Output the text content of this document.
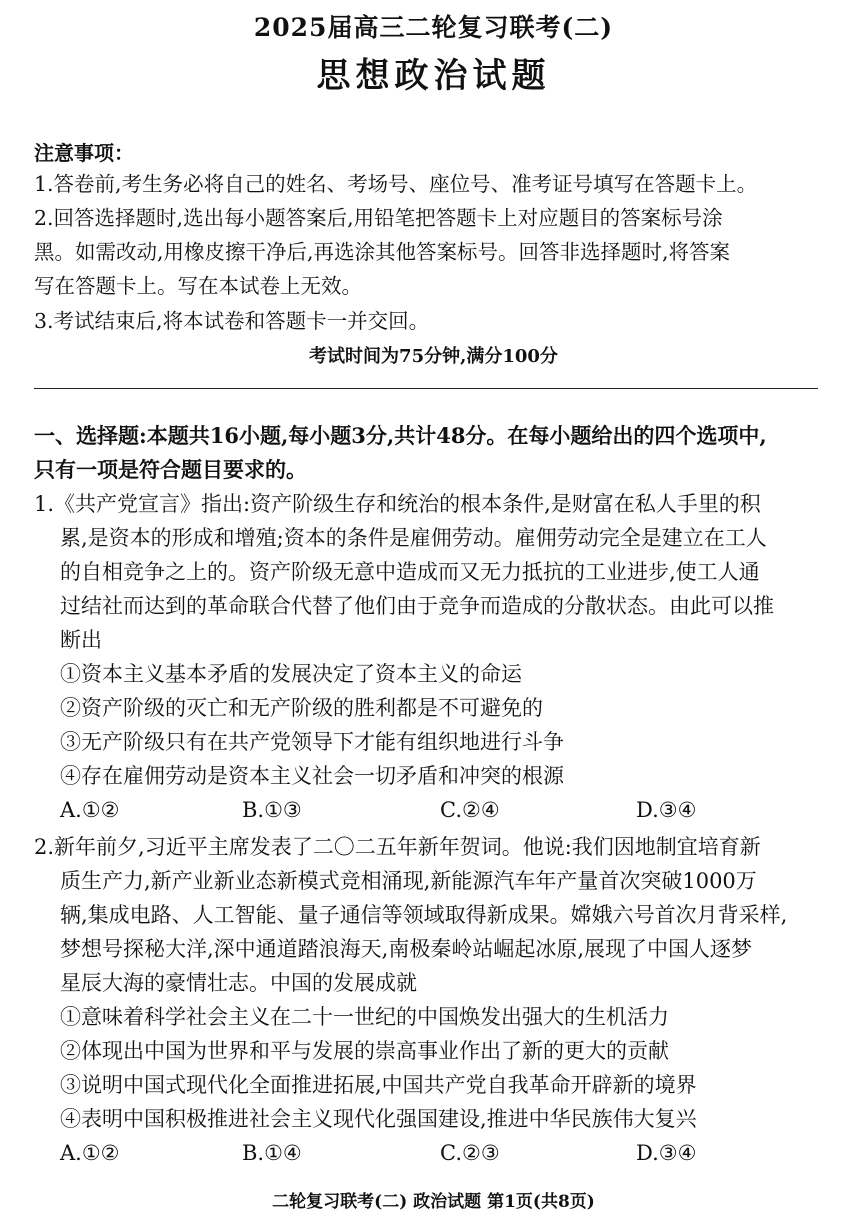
2025届高三二轮复习联考(二)
思想政治试题
注意事项：
1.答卷前,考生务必将自己的姓名、考场号、座位号、准考证号填写在答题卡上。
2.回答选择题时,选出每小题答案后,用铅笔把答题卡上对应题目的答案标号涂
黑。如需改动,用橡皮擦干净后,再选涂其他答案标号。回答非选择题时,将答案
写在答题卡上。写在本试卷上无效。
3.考试结束后,将本试卷和答题卡一并交回。
考试时间为75分钟,满分100分
一、选择题:本题共16小题,每小题3分,共计48分。在每小题给出的四个选项中,
只有一项是符合题目要求的。
1.《共产党宣言》指出:资产阶级生存和统治的根本条件,是财富在私人手里的积
累,是资本的形成和增殖;资本的条件是雇佣劳动。雇佣劳动完全是建立在工人
的自相竞争之上的。资产阶级无意中造成而又无力抵抗的工业进步,使工人通
过结社而达到的革命联合代替了他们由于竞争而造成的分散状态。由此可以推
断出
①资本主义基本矛盾的发展决定了资本主义的命运
②资产阶级的灭亡和无产阶级的胜利都是不可避免的
③无产阶级只有在共产党领导下才能有组织地进行斗争
④存在雇佣劳动是资本主义社会一切矛盾和冲突的根源
A.①②	B.①③	C.②④	D.③④
2.新年前夕,习近平主席发表了二〇二五年新年贺词。他说:我们因地制宜培育新
质生产力,新产业新业态新模式竞相涌现,新能源汽车年产量首次突破1000万
辆,集成电路、人工智能、量子通信等领域取得新成果。嫦娥六号首次月背采样,
梦想号探秘大洋,深中通道踏浪海天,南极秦岭站崛起冰原,展现了中国人逐梦
星辰大海的豪情壮志。中国的发展成就
①意味着科学社会主义在二十一世纪的中国焕发出强大的生机活力
②体现出中国为世界和平与发展的崇高事业作出了新的更大的贡献
③说明中国式现代化全面推进拓展,中国共产党自我革命开辟新的境界
④表明中国积极推进社会主义现代化强国建设,推进中华民族伟大复兴
A.①②	B.①④	C.②③	D.③④
二轮复习联考(二) 政治试题 第1页(共8页)
